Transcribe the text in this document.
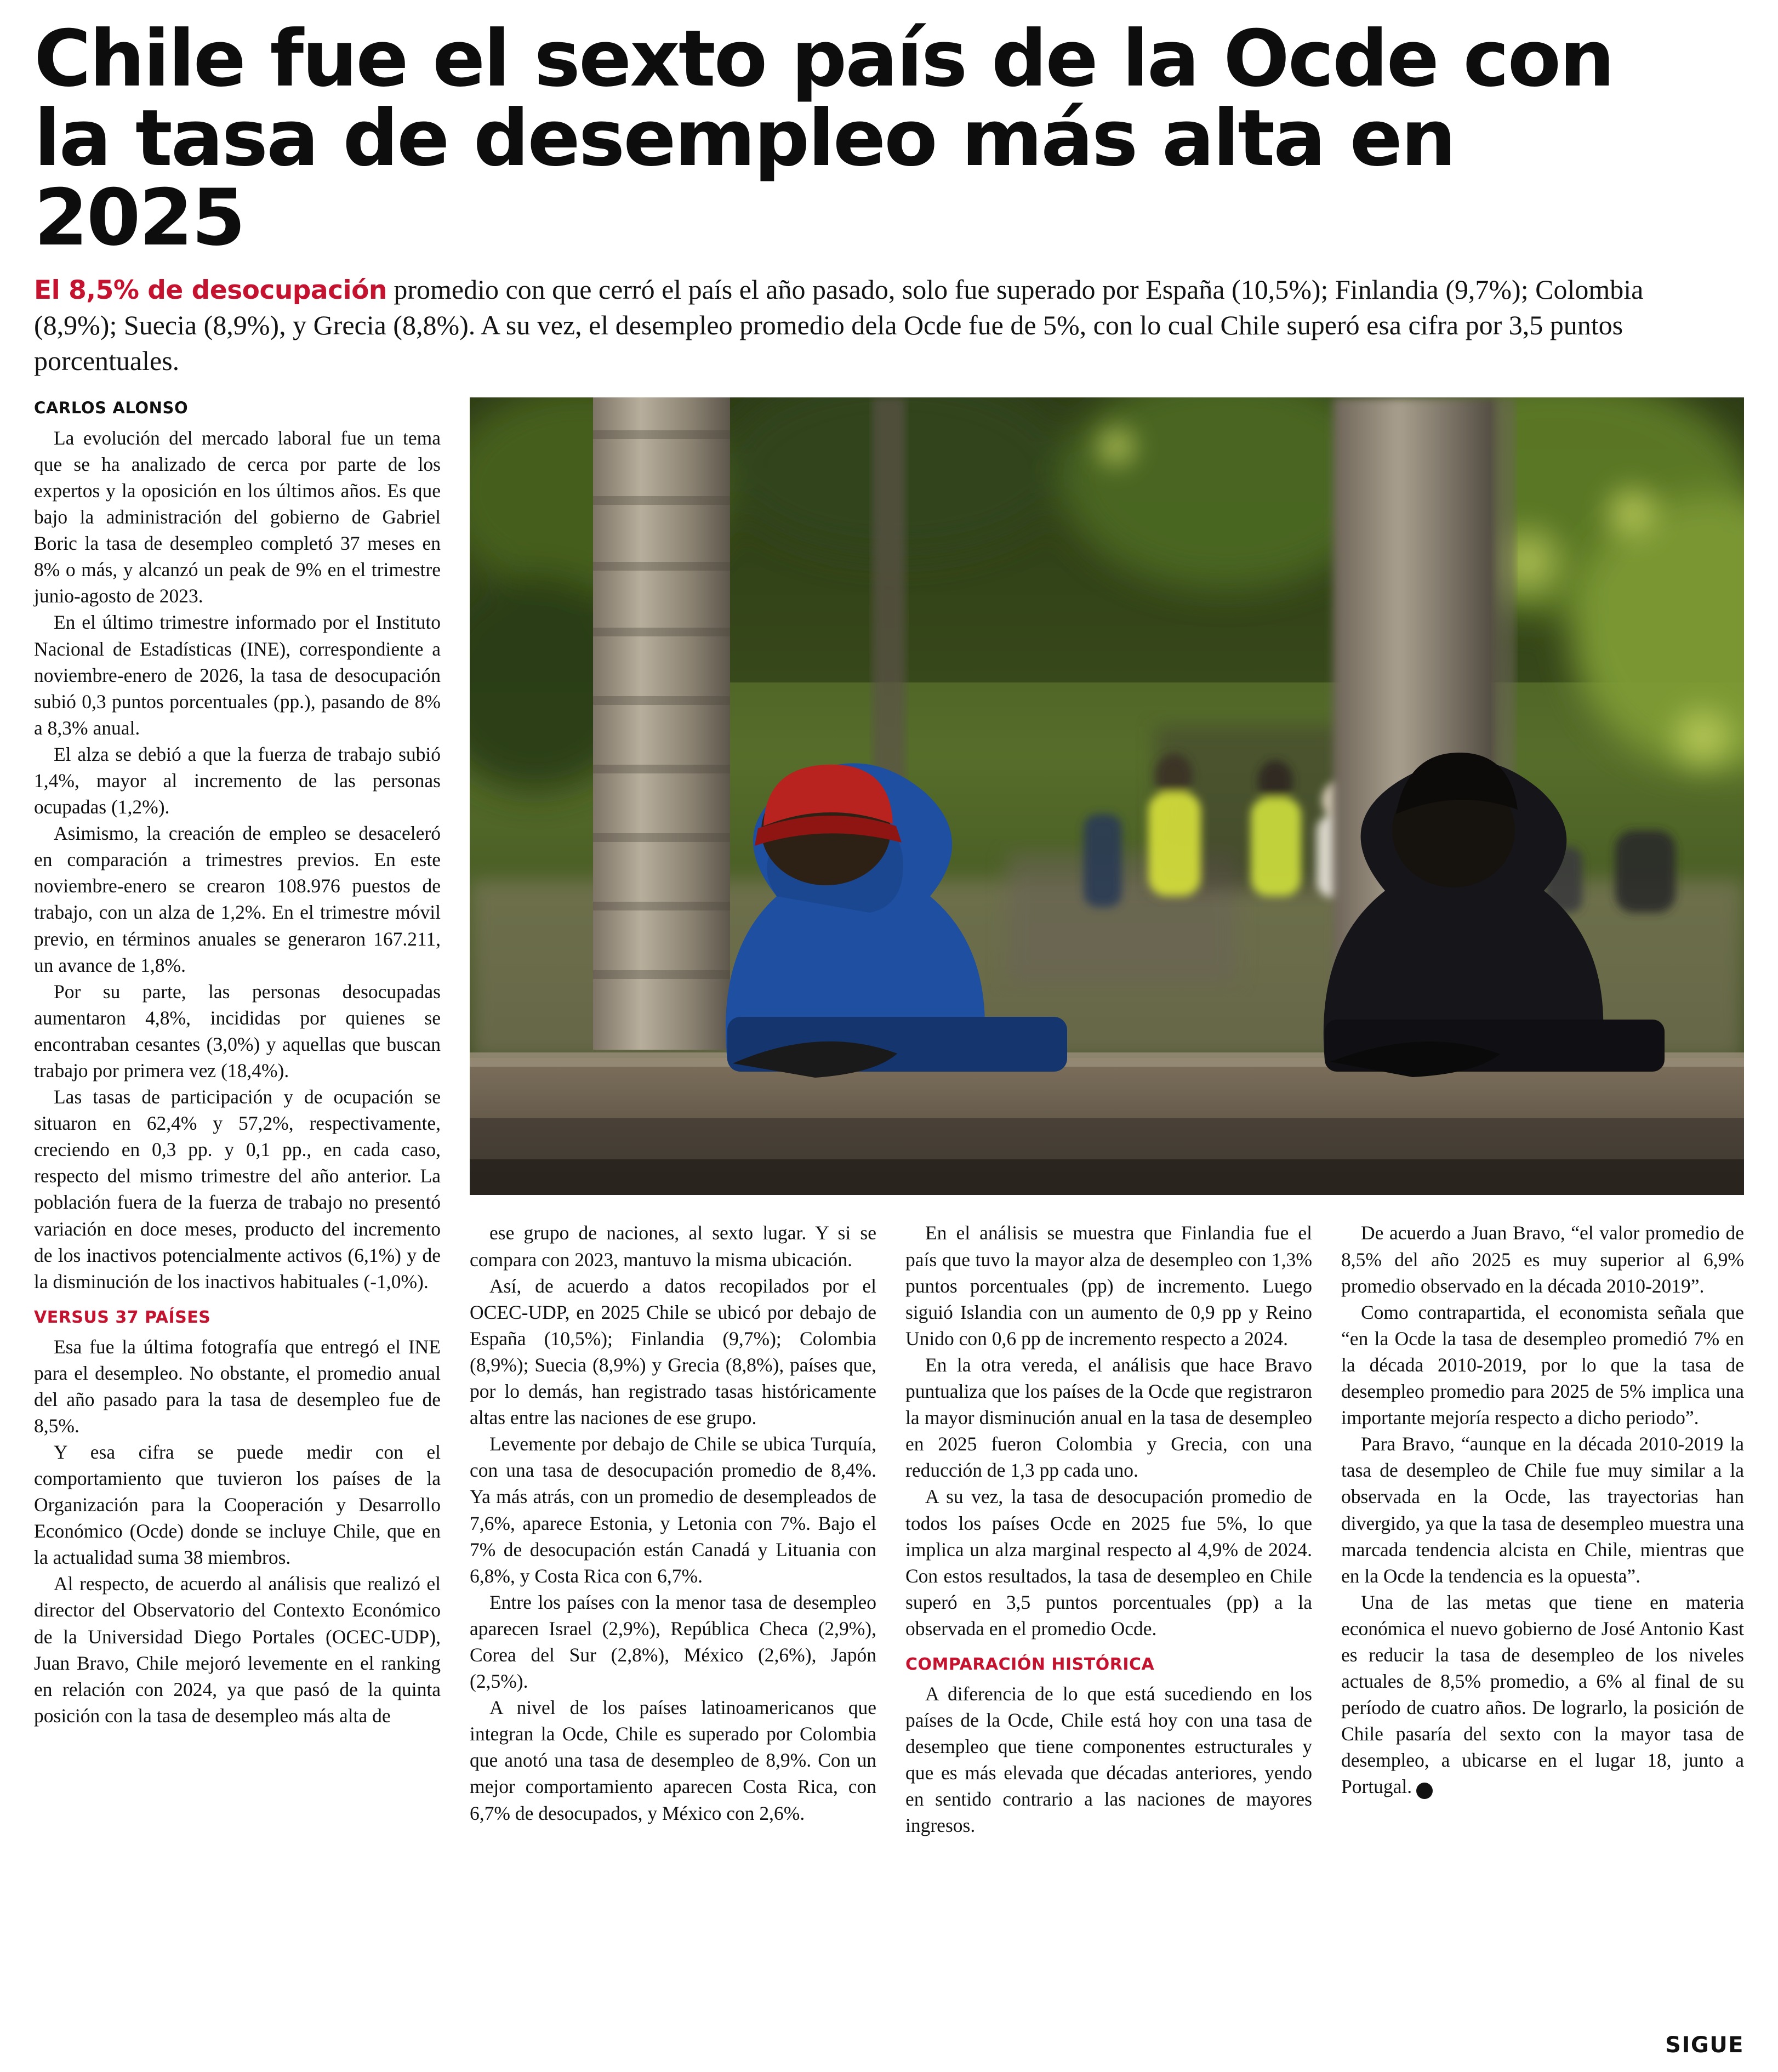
Chile fue el sexto país de la Ocde con la tasa de desempleo más alta en 2025

El 8,5% de desocupación promedio con que cerró el país el año pasado, solo fue superado por España (10,5%); Finlandia (9,7%); Colombia (8,9%); Suecia (8,9%), y Grecia (8,8%). A su vez, el desempleo promedio dela Ocde fue de 5%, con lo cual Chile superó esa cifra por 3,5 puntos porcentuales.

CARLOS ALONSO

La evolución del mercado laboral fue un tema que se ha analizado de cerca por parte de los expertos y la oposición en los últimos años. Es que bajo la administración del gobierno de Gabriel Boric la tasa de desempleo completó 37 meses en 8% o más, y alcanzó un peak de 9% en el trimestre junio-agosto de 2023.

En el último trimestre informado por el Instituto Nacional de Estadísticas (INE), correspondiente a noviembre-enero de 2026, la tasa de desocupación subió 0,3 puntos porcentuales (pp.), pasando de 8% a 8,3% anual.

El alza se debió a que la fuerza de trabajo subió 1,4%, mayor al incremento de las personas ocupadas (1,2%).

Asimismo, la creación de empleo se desaceleró en comparación a trimestres previos. En este noviembre-enero se crearon 108.976 puestos de trabajo, con un alza de 1,2%. En el trimestre móvil previo, en términos anuales se generaron 167.211, un avance de 1,8%.

Por su parte, las personas desocupadas aumentaron 4,8%, incididas por quienes se encontraban cesantes (3,0%) y aquellas que buscan trabajo por primera vez (18,4%).

Las tasas de participación y de ocupación se situaron en 62,4% y 57,2%, respectivamente, creciendo en 0,3 pp. y 0,1 pp., en cada caso, respecto del mismo trimestre del año anterior. La población fuera de la fuerza de trabajo no presentó variación en doce meses, producto del incremento de los inactivos potencialmente activos (6,1%) y de la disminución de los inactivos habituales (-1,0%).

VERSUS 37 PAÍSES

Esa fue la última fotografía que entregó el INE para el desempleo. No obstante, el promedio anual del año pasado para la tasa de desempleo fue de 8,5%.

Y esa cifra se puede medir con el comportamiento que tuvieron los países de la Organización para la Cooperación y Desarrollo Económico (Ocde) donde se incluye Chile, que en la actualidad suma 38 miembros.

Al respecto, de acuerdo al análisis que realizó el director del Observatorio del Contexto Económico de la Universidad Diego Portales (OCEC-UDP), Juan Bravo, Chile mejoró levemente en el ranking en relación con 2024, ya que pasó de la quinta posición con la tasa de desempleo más alta de

ese grupo de naciones, al sexto lugar. Y si se compara con 2023, mantuvo la misma ubicación.

Así, de acuerdo a datos recopilados por el OCEC-UDP, en 2025 Chile se ubicó por debajo de España (10,5%); Finlandia (9,7%); Colombia (8,9%); Suecia (8,9%) y Grecia (8,8%), países que, por lo demás, han registrado tasas históricamente altas entre las naciones de ese grupo.

Levemente por debajo de Chile se ubica Turquía, con una tasa de desocupación promedio de 8,4%. Ya más atrás, con un promedio de desempleados de 7,6%, aparece Estonia, y Letonia con 7%. Bajo el 7% de desocupación están Canadá y Lituania con 6,8%, y Costa Rica con 6,7%.

Entre los países con la menor tasa de desempleo aparecen Israel (2,9%), República Checa (2,9%), Corea del Sur (2,8%), México (2,6%), Japón (2,5%).

A nivel de los países latinoamericanos que integran la Ocde, Chile es superado por Colombia que anotó una tasa de desempleo de 8,9%. Con un mejor comportamiento aparecen Costa Rica, con 6,7% de desocupados, y México con 2,6%.

En el análisis se muestra que Finlandia fue el país que tuvo la mayor alza de desempleo con 1,3% puntos porcentuales (pp) de incremento. Luego siguió Islandia con un aumento de 0,9 pp y Reino Unido con 0,6 pp de incremento respecto a 2024.

En la otra vereda, el análisis que hace Bravo puntualiza que los países de la Ocde que registraron la mayor disminución anual en la tasa de desempleo en 2025 fueron Colombia y Grecia, con una reducción de 1,3 pp cada uno.

A su vez, la tasa de desocupación promedio de todos los países Ocde en 2025 fue 5%, lo que implica un alza marginal respecto al 4,9% de 2024. Con estos resultados, la tasa de desempleo en Chile superó en 3,5 puntos porcentuales (pp) a la observada en el promedio Ocde.

COMPARACIÓN HISTÓRICA

A diferencia de lo que está sucediendo en los países de la Ocde, Chile está hoy con una tasa de desempleo que tiene componentes estructurales y que es más elevada que décadas anteriores, yendo en sentido contrario a las naciones de mayores ingresos.

De acuerdo a Juan Bravo, “el valor promedio de 8,5% del año 2025 es muy superior al 6,9% promedio observado en la década 2010-2019”.

Como contrapartida, el economista señala que “en la Ocde la tasa de desempleo promedió 7% en la década 2010-2019, por lo que la tasa de desempleo promedio para 2025 de 5% implica una importante mejoría respecto a dicho periodo”.

Para Bravo, “aunque en la década 2010-2019 la tasa de desempleo de Chile fue muy similar a la observada en la Ocde, las trayectorias han divergido, ya que la tasa de desempleo muestra una marcada tendencia alcista en Chile, mientras que en la Ocde la tendencia es la opuesta”.

Una de las metas que tiene en materia económica el nuevo gobierno de José Antonio Kast es reducir la tasa de desempleo de los niveles actuales de 8,5% promedio, a 6% al final de su período de cuatro años. De lograrlo, la posición de Chile pasaría del sexto con la mayor tasa de desempleo, a ubicarse en el lugar 18, junto a Portugal. ◉

SIGUE
